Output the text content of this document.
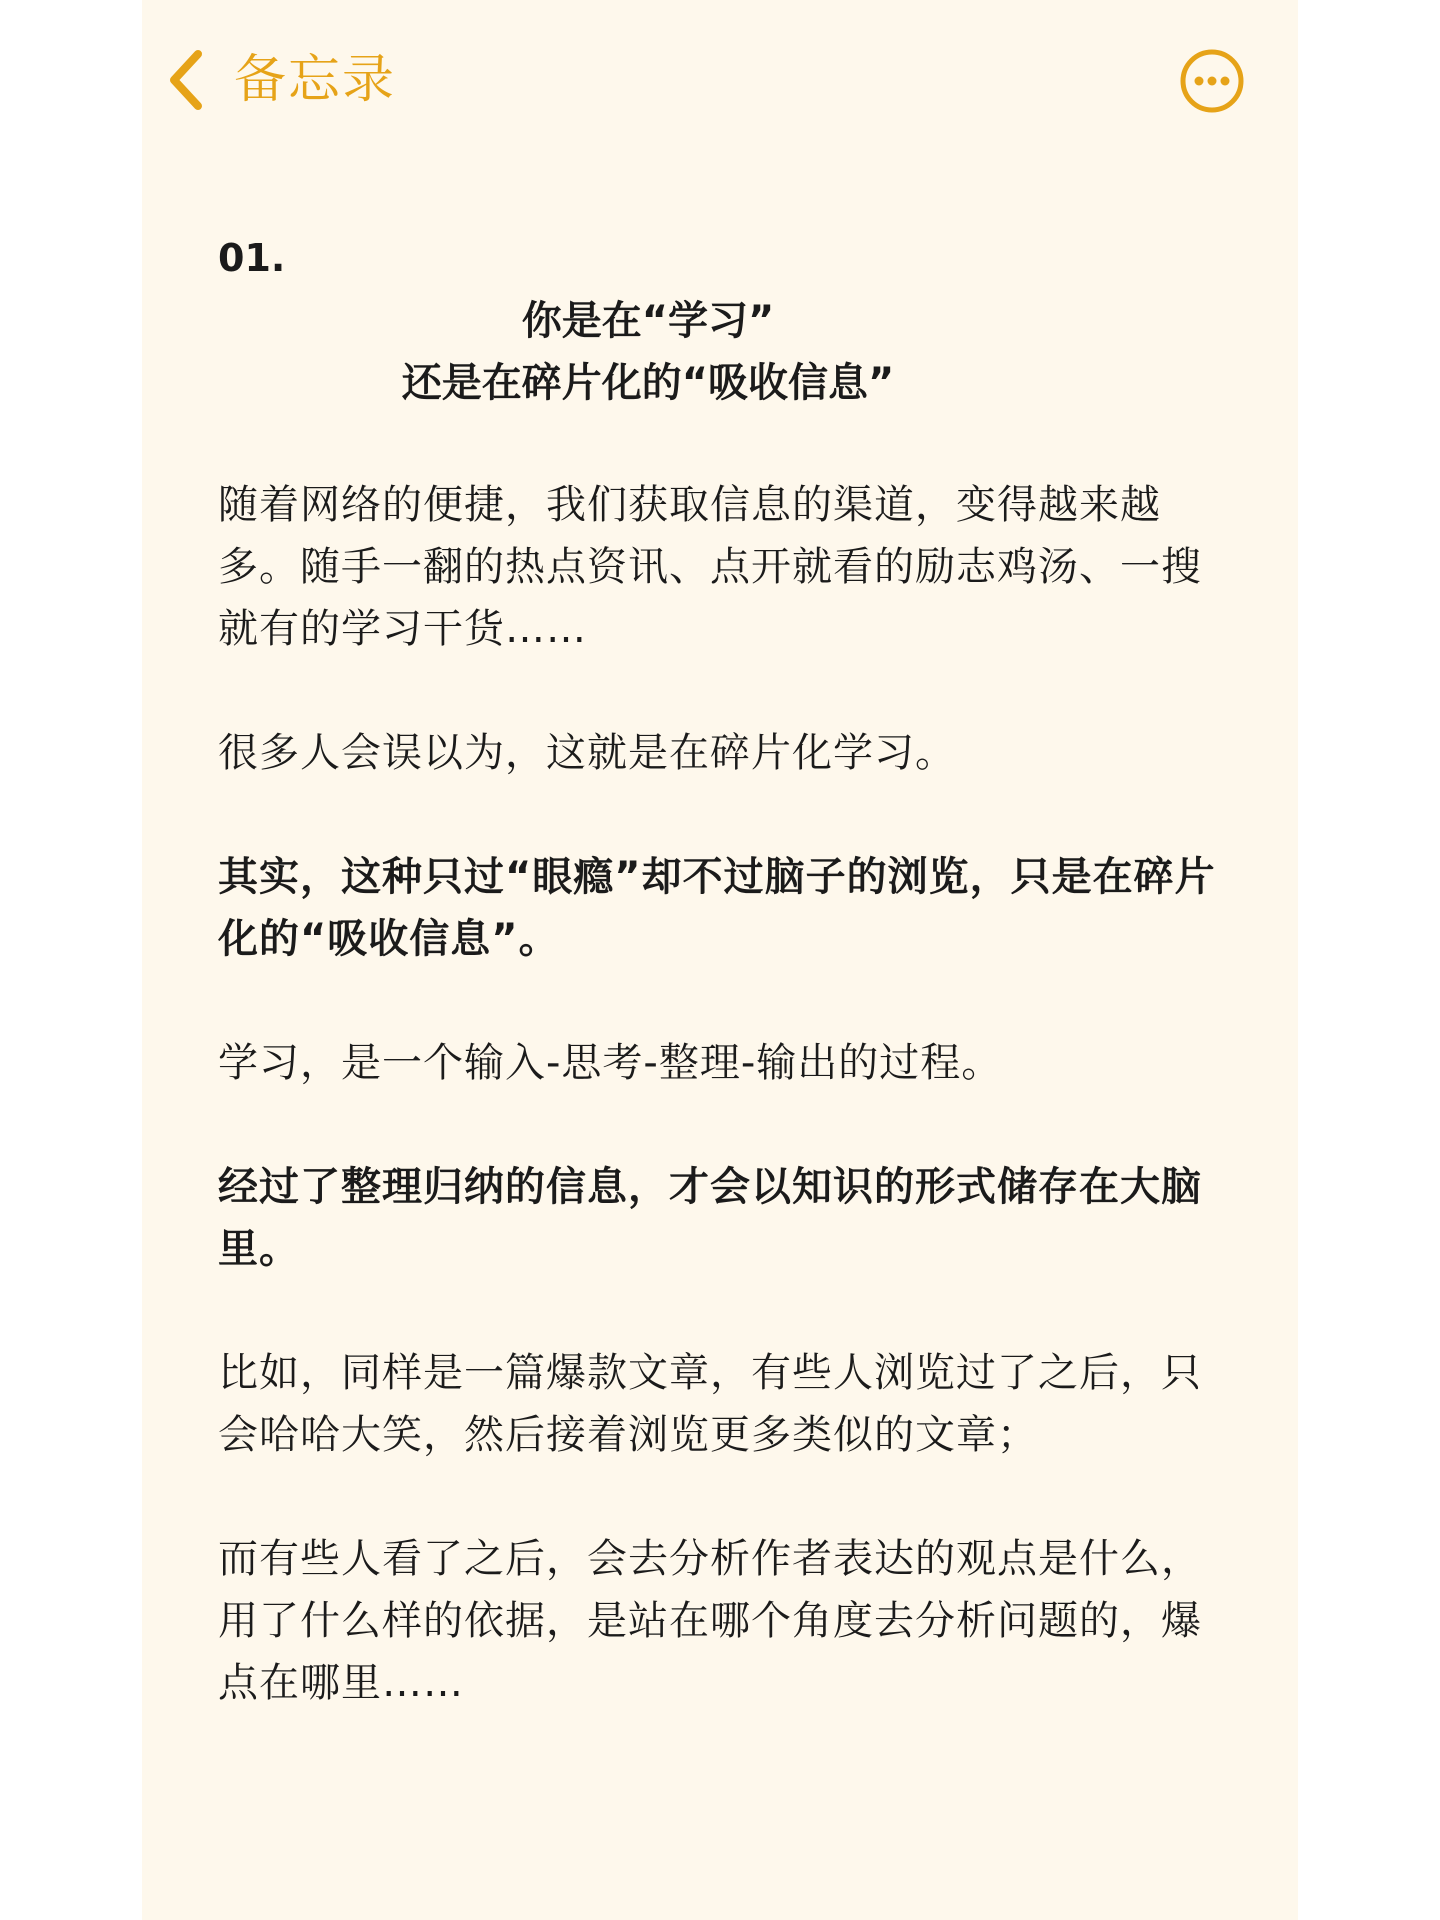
备忘录

01.

你是在“学习”

还是在碎片化的“吸收信息”

随着网络的便捷，我们获取信息的渠道，变得越来越多。随手一翻的热点资讯、点开就看的励志鸡汤、一搜就有的学习干货……

很多人会误以为，这就是在碎片化学习。

其实，这种只过“眼瘾”却不过脑子的浏览，只是在碎片化的“吸收信息”。

学习，是一个输入-思考-整理-输出的过程。

经过了整理归纳的信息，才会以知识的形式储存在大脑里。

比如，同样是一篇爆款文章，有些人浏览过了之后，只会哈哈大笑，然后接着浏览更多类似的文章；

而有些人看了之后，会去分析作者表达的观点是什么，用了什么样的依据，是站在哪个角度去分析问题的，爆点在哪里……
